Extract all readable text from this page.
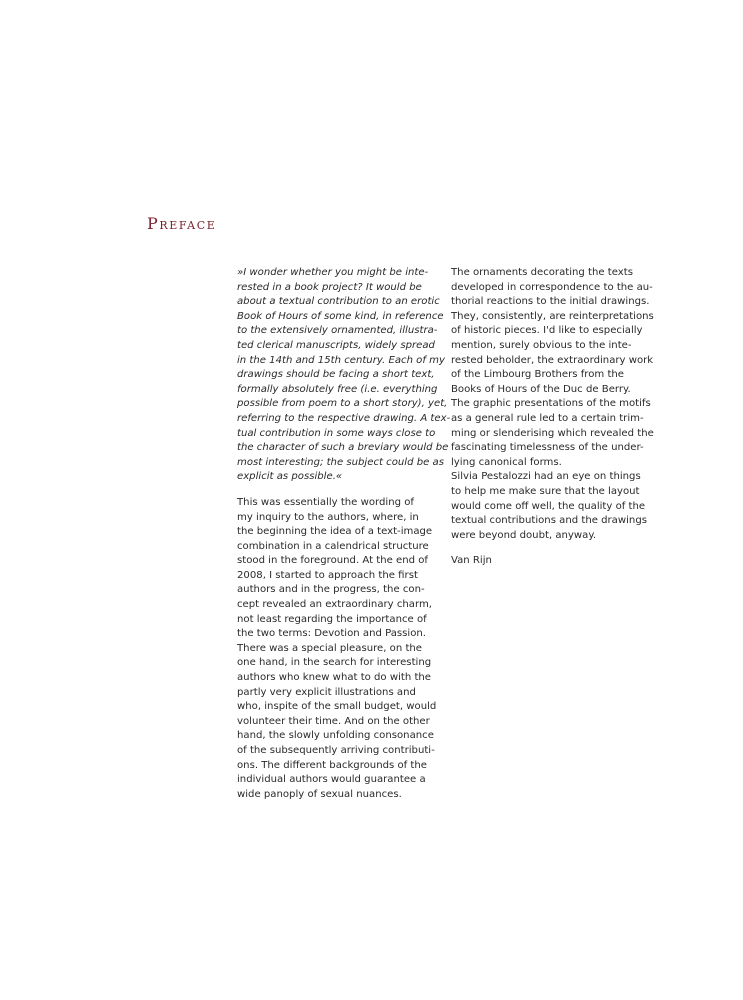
Preface

»I wonder whether you might be inte-
rested in a book project? It would be
about a textual contribution to an erotic
Book of Hours of some kind, in reference
to the extensively ornamented, illustra-
ted clerical manuscripts, widely spread
in the 14th and 15th century. Each of my
drawings should be facing a short text,
formally absolutely free (i.e. everything
possible from poem to a short story), yet,
referring to the respective drawing. A tex-
tual contribution in some ways close to
the character of such a breviary would be
most interesting; the subject could be as
explicit as possible.«

This was essentially the wording of
my inquiry to the authors, where, in
the beginning the idea of a text-image
combination in a calendrical structure
stood in the foreground. At the end of
2008, I started to approach the first
authors and in the progress, the con-
cept revealed an extraordinary charm,
not least regarding the importance of
the two terms: Devotion and Passion.
There was a special pleasure, on the
one hand, in the search for interesting
authors who knew what to do with the
partly very explicit illustrations and
who, inspite of the small budget, would
volunteer their time. And on the other
hand, the slowly unfolding consonance
of the subsequently arriving contributi-
ons. The different backgrounds of the
individual authors would guarantee a
wide panoply of sexual nuances.

The ornaments decorating the texts
developed in correspondence to the au-
thorial reactions to the initial drawings.
They, consistently, are reinterpretations
of historic pieces. I'd like to especially
mention, surely obvious to the inte-
rested beholder, the extraordinary work
of the Limbourg Brothers from the
Books of Hours of the Duc de Berry.
The graphic presentations of the motifs
as a general rule led to a certain trim-
ming or slenderising which revealed the
fascinating timelessness of the under-
lying canonical forms.
Silvia Pestalozzi had an eye on things
to help me make sure that the layout
would come off well, the quality of the
textual contributions and the drawings
were beyond doubt, anyway.

Van Rijn
